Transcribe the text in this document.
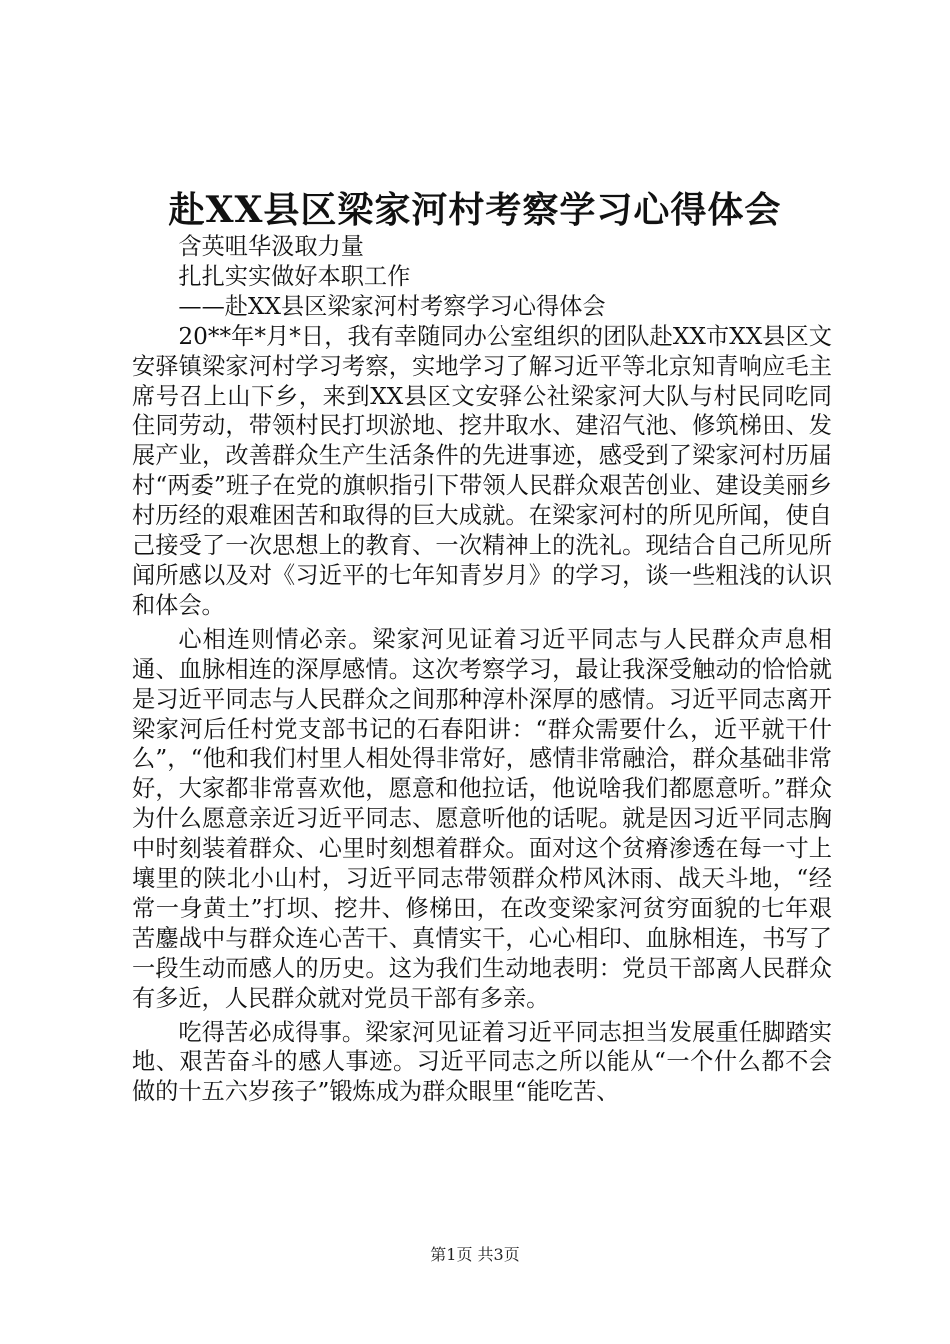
赴XX县区梁家河村考察学习心得体会

含英咀华汲取力量

扎扎实实做好本职工作

——赴XX县区梁家河村考察学习心得体会

20**年*月*日，我有幸随同办公室组织的团队赴XX市XX县区文安驿镇梁家河村学习考察，实地学习了解习近平等北京知青响应毛主席号召上山下乡，来到XX县区文安驿公社梁家河大队与村民同吃同住同劳动，带领村民打坝淤地、挖井取水、建沼气池、修筑梯田、发展产业，改善群众生产生活条件的先进事迹，感受到了梁家河村历届村“两委”班子在党的旗帜指引下带领人民群众艰苦创业、建设美丽乡村历经的艰难困苦和取得的巨大成就。在梁家河村的所见所闻，使自己接受了一次思想上的教育、一次精神上的洗礼。现结合自己所见所闻所感以及对《习近平的七年知青岁月》的学习，谈一些粗浅的认识和体会。

心相连则情必亲。梁家河见证着习近平同志与人民群众声息相通、血脉相连的深厚感情。这次考察学习，最让我深受触动的恰恰就是习近平同志与人民群众之间那种淳朴深厚的感情。习近平同志离开梁家河后任村党支部书记的石春阳讲：“群众需要什么，近平就干什么”，“他和我们村里人相处得非常好，感情非常融洽，群众基础非常好，大家都非常喜欢他，愿意和他拉话，他说啥我们都愿意听。”群众为什么愿意亲近习近平同志、愿意听他的话呢。就是因习近平同志胸中时刻装着群众、心里时刻想着群众。面对这个贫瘠渗透在每一寸上壤里的陕北小山村，习近平同志带领群众栉风沐雨、战天斗地，“经常一身黄土”打坝、挖井、修梯田，在改变梁家河贫穷面貌的七年艰苦鏖战中与群众连心苦干、真情实干，心心相印、血脉相连，书写了一段生动而感人的历史。这为我们生动地表明：党员干部离人民群众有多近，人民群众就对党员干部有多亲。

吃得苦必成得事。梁家河见证着习近平同志担当发展重任脚踏实地、艰苦奋斗的感人事迹。习近平同志之所以能从“一个什么都不会做的十五六岁孩子”锻炼成为群众眼里“能吃苦、

第1页 共3页
